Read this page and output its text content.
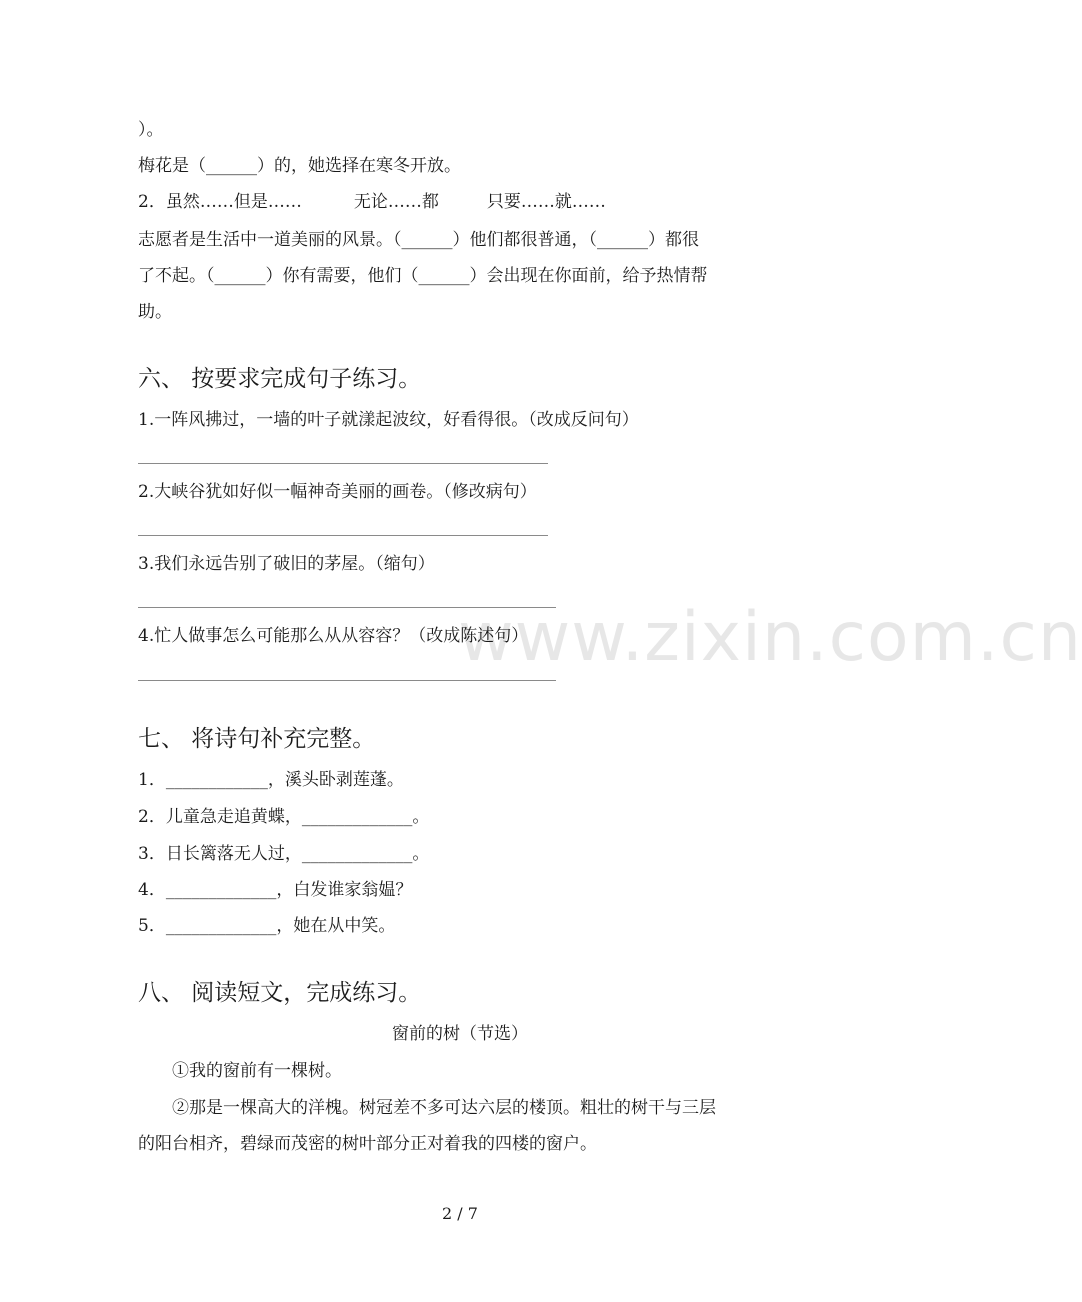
www.zixin.com.cn
）。
梅花是（______）的，她选择在寒冬开放。
2．虽然……但是……	无论……都	只要……就……
志愿者是生活中一道美丽的风景。（______）他们都很普通，（______）都很
了不起。（______）你有需要，他们（______）会出现在你面前，给予热情帮
助。
六、 按要求完成句子练习。
1.一阵风拂过，一墙的叶子就漾起波纹，好看得很。（改成反问句）
2.大峡谷犹如好似一幅神奇美丽的画卷。（修改病句）
3.我们永远告别了破旧的茅屋。（缩句）
4.忙人做事怎么可能那么从从容容？（改成陈述句）
七、 将诗句补充完整。
1．____________，溪头卧剥莲蓬。
2．儿童急走追黄蝶，_____________。
3．日长篱落无人过，_____________。
4．_____________，白发谁家翁媪？
5．_____________，她在从中笑。
八、 阅读短文，完成练习。
窗前的树（节选）
①我的窗前有一棵树。
②那是一棵高大的洋槐。树冠差不多可达六层的楼顶。粗壮的树干与三层
的阳台相齐，碧绿而茂密的树叶部分正对着我的四楼的窗户。
2 / 7
